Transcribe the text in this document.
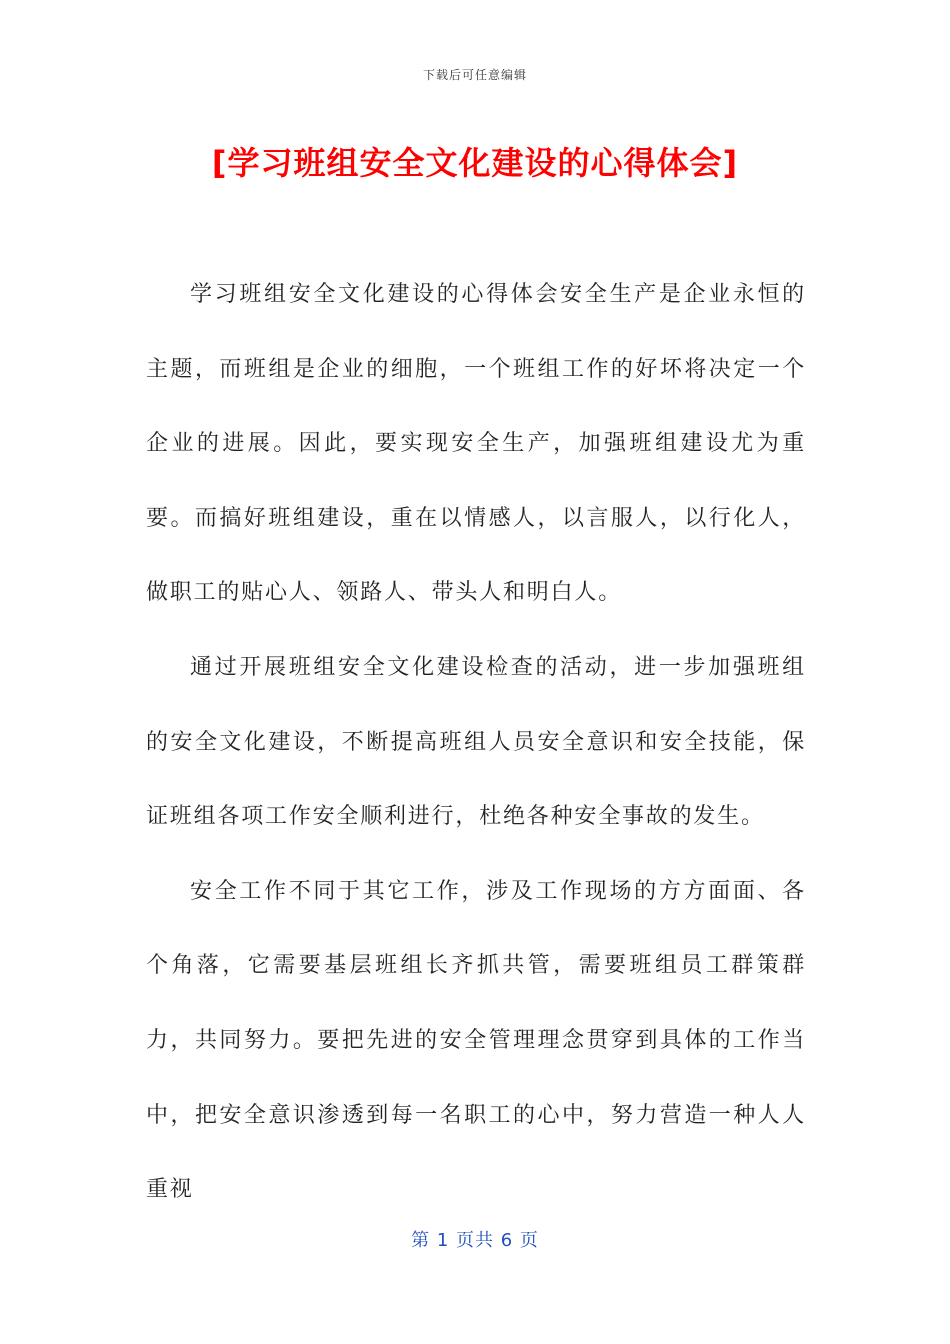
下载后可任意编辑
[学习班组安全文化建设的心得体会]

学习班组安全文化建设的心得体会安全生产是企业永恒的主题，而班组是企业的细胞，一个班组工作的好坏将决定一个企业的进展。因此，要实现安全生产，加强班组建设尤为重要。而搞好班组建设，重在以情感人，以言服人，以行化人，做职工的贴心人、领路人、带头人和明白人。

通过开展班组安全文化建设检查的活动，进一步加强班组的安全文化建设，不断提高班组人员安全意识和安全技能，保证班组各项工作安全顺利进行，杜绝各种安全事故的发生。

安全工作不同于其它工作，涉及工作现场的方方面面、各个角落，它需要基层班组长齐抓共管，需要班组员工群策群力，共同努力。要把先进的安全管理理念贯穿到具体的工作当中，把安全意识渗透到每一名职工的心中，努力营造一种人人重视

第 1 页共 6 页
